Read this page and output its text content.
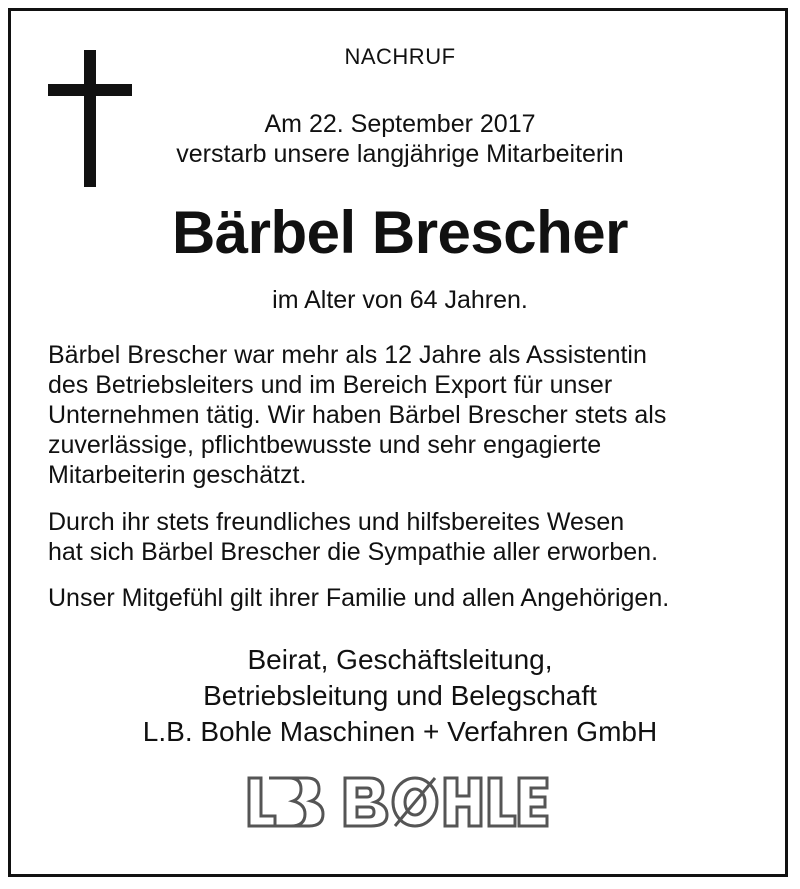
NACHRUF
Am 22. September 2017
verstarb unsere langjährige Mitarbeiterin
Bärbel Brescher
im Alter von 64 Jahren.
Bärbel Brescher war mehr als 12 Jahre als Assistentin
des Betriebsleiters und im Bereich Export für unser
Unternehmen tätig. Wir haben Bärbel Brescher stets als
zuverlässige, pflichtbewusste und sehr engagierte
Mitarbeiterin geschätzt.
Durch ihr stets freundliches und hilfsbereites Wesen
hat sich Bärbel Brescher die Sympathie aller erworben.
Unser Mitgefühl gilt ihrer Familie und allen Angehörigen.
Beirat, Geschäftsleitung,
Betriebsleitung und Belegschaft
L.B. Bohle Maschinen + Verfahren GmbH
